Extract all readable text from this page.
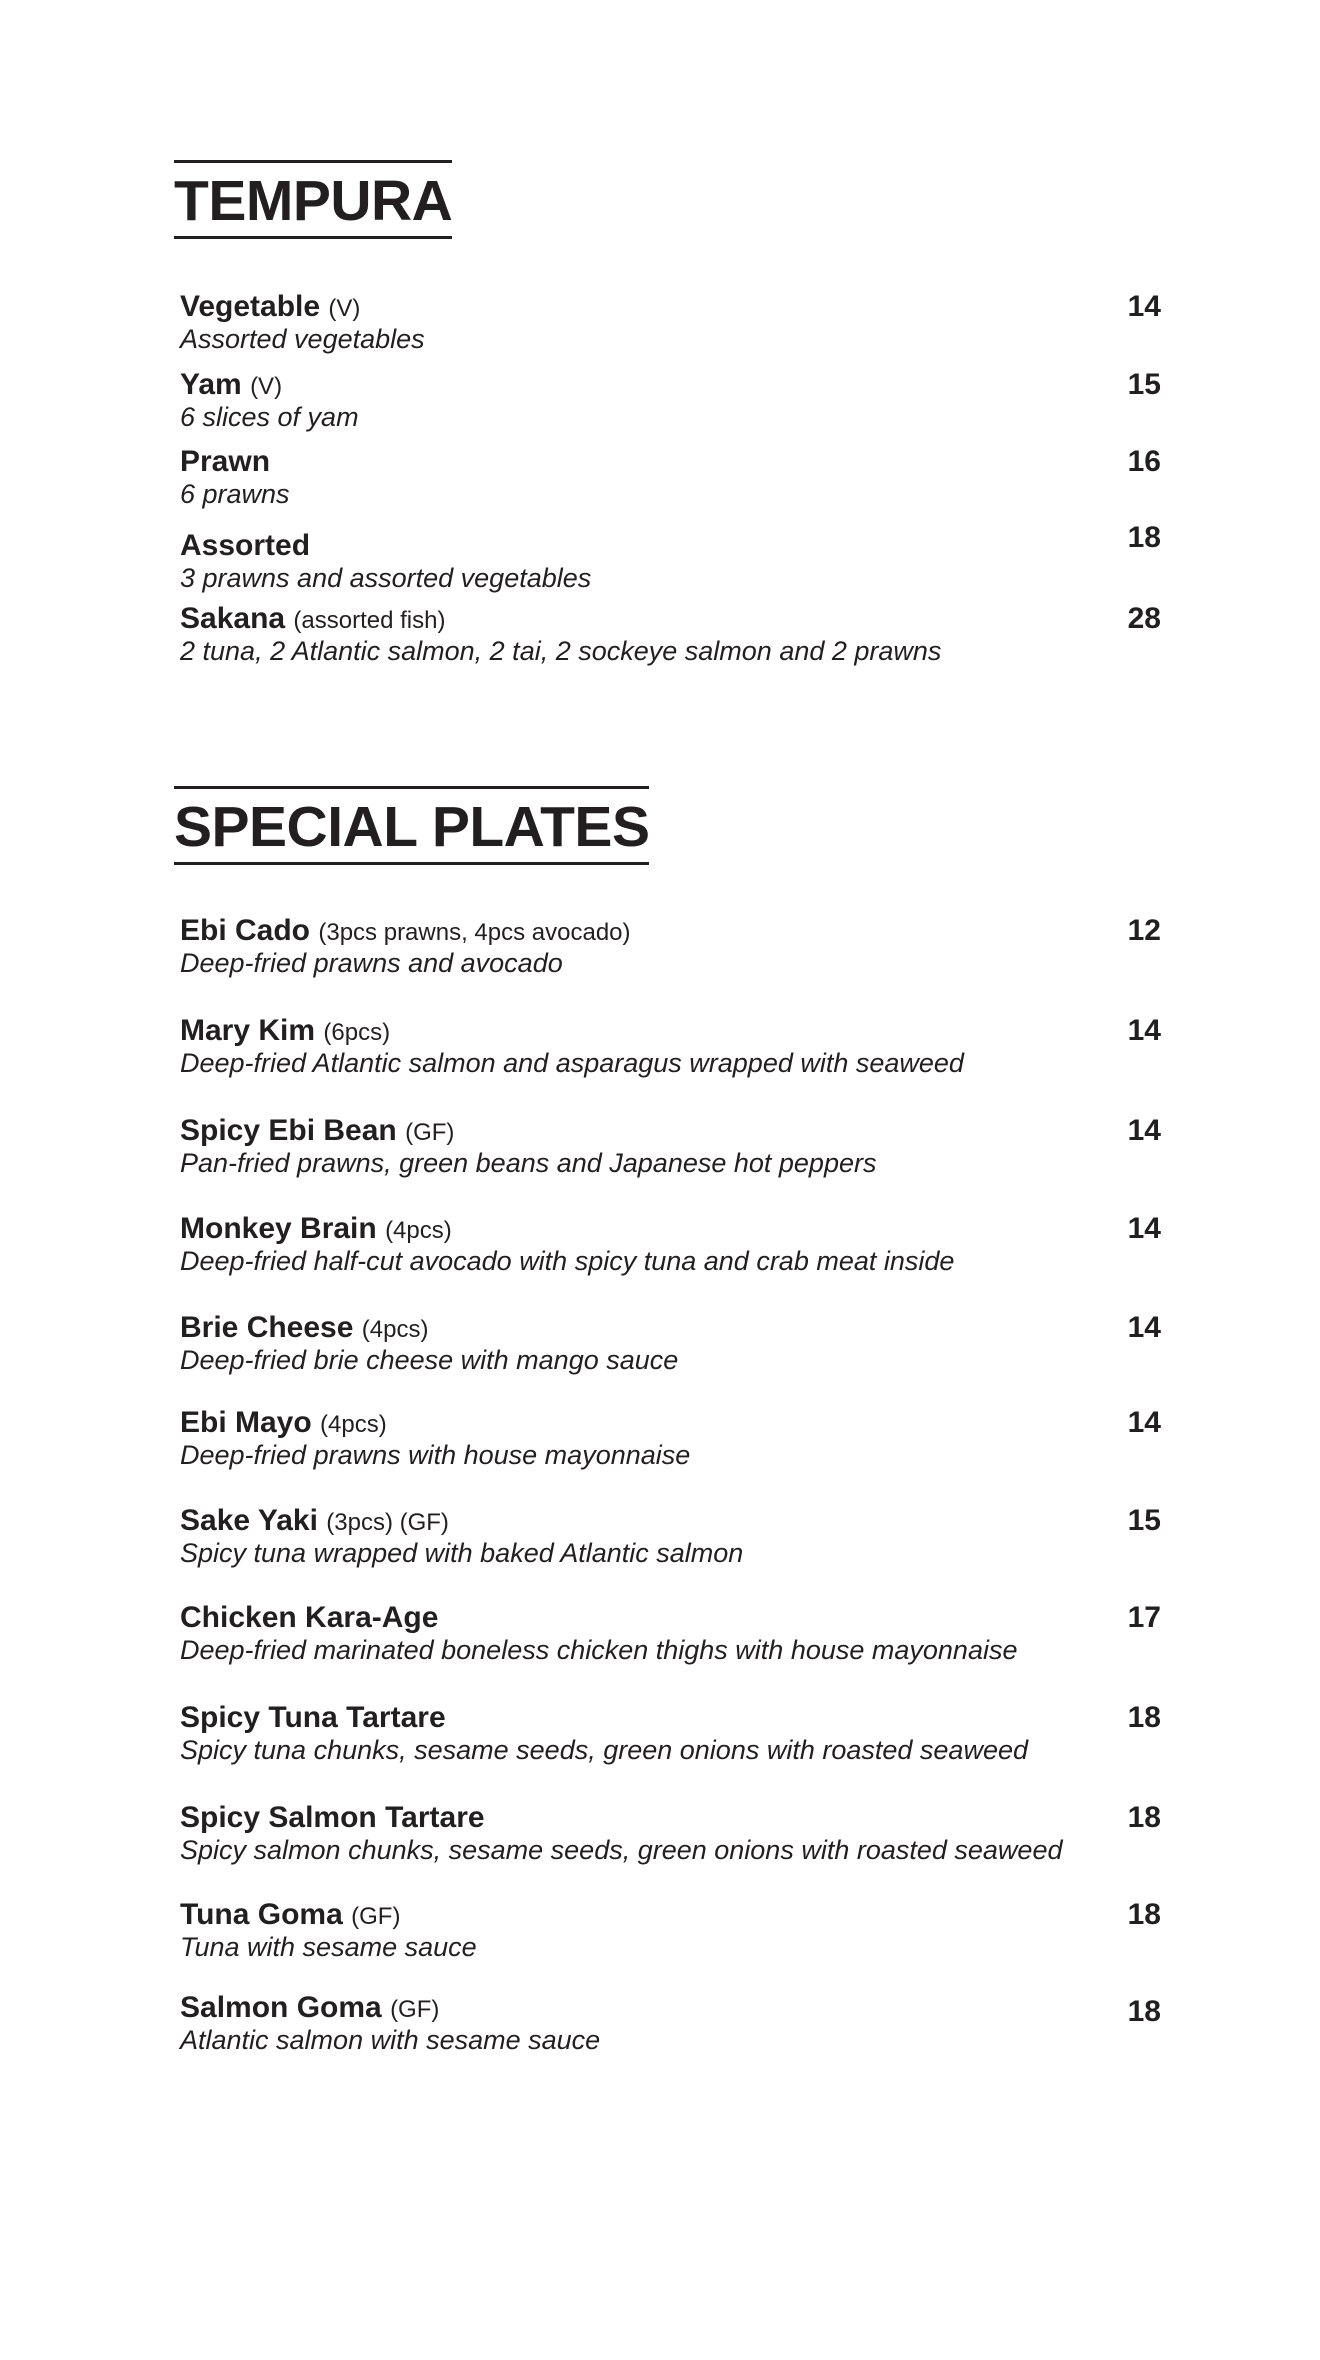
TEMPURA
Vegetable (V)
Assorted vegetables
14
Yam (V)
6 slices of yam
15
Prawn
6 prawns
16
Assorted
3 prawns and assorted vegetables
18
Sakana (assorted fish)
2 tuna, 2 Atlantic salmon, 2 tai, 2 sockeye salmon and 2 prawns
28
SPECIAL PLATES
Ebi Cado (3pcs prawns, 4pcs avocado)
Deep-fried prawns and avocado
12
Mary Kim (6pcs)
Deep-fried Atlantic salmon and asparagus wrapped with seaweed
14
Spicy Ebi Bean (GF)
Pan-fried prawns, green beans and Japanese hot peppers
14
Monkey Brain (4pcs)
Deep-fried half-cut avocado with spicy tuna and crab meat inside
14
Brie Cheese (4pcs)
Deep-fried brie cheese with mango sauce
14
Ebi Mayo (4pcs)
Deep-fried prawns with house mayonnaise
14
Sake Yaki (3pcs) (GF)
Spicy tuna wrapped with baked Atlantic salmon
15
Chicken Kara-Age
Deep-fried marinated boneless chicken thighs with house mayonnaise
17
Spicy Tuna Tartare
Spicy tuna chunks, sesame seeds, green onions with roasted seaweed
18
Spicy Salmon Tartare
Spicy salmon chunks, sesame seeds, green onions with roasted seaweed
18
Tuna Goma (GF)
Tuna with sesame sauce
18
Salmon Goma (GF)
Atlantic salmon with sesame sauce
18
